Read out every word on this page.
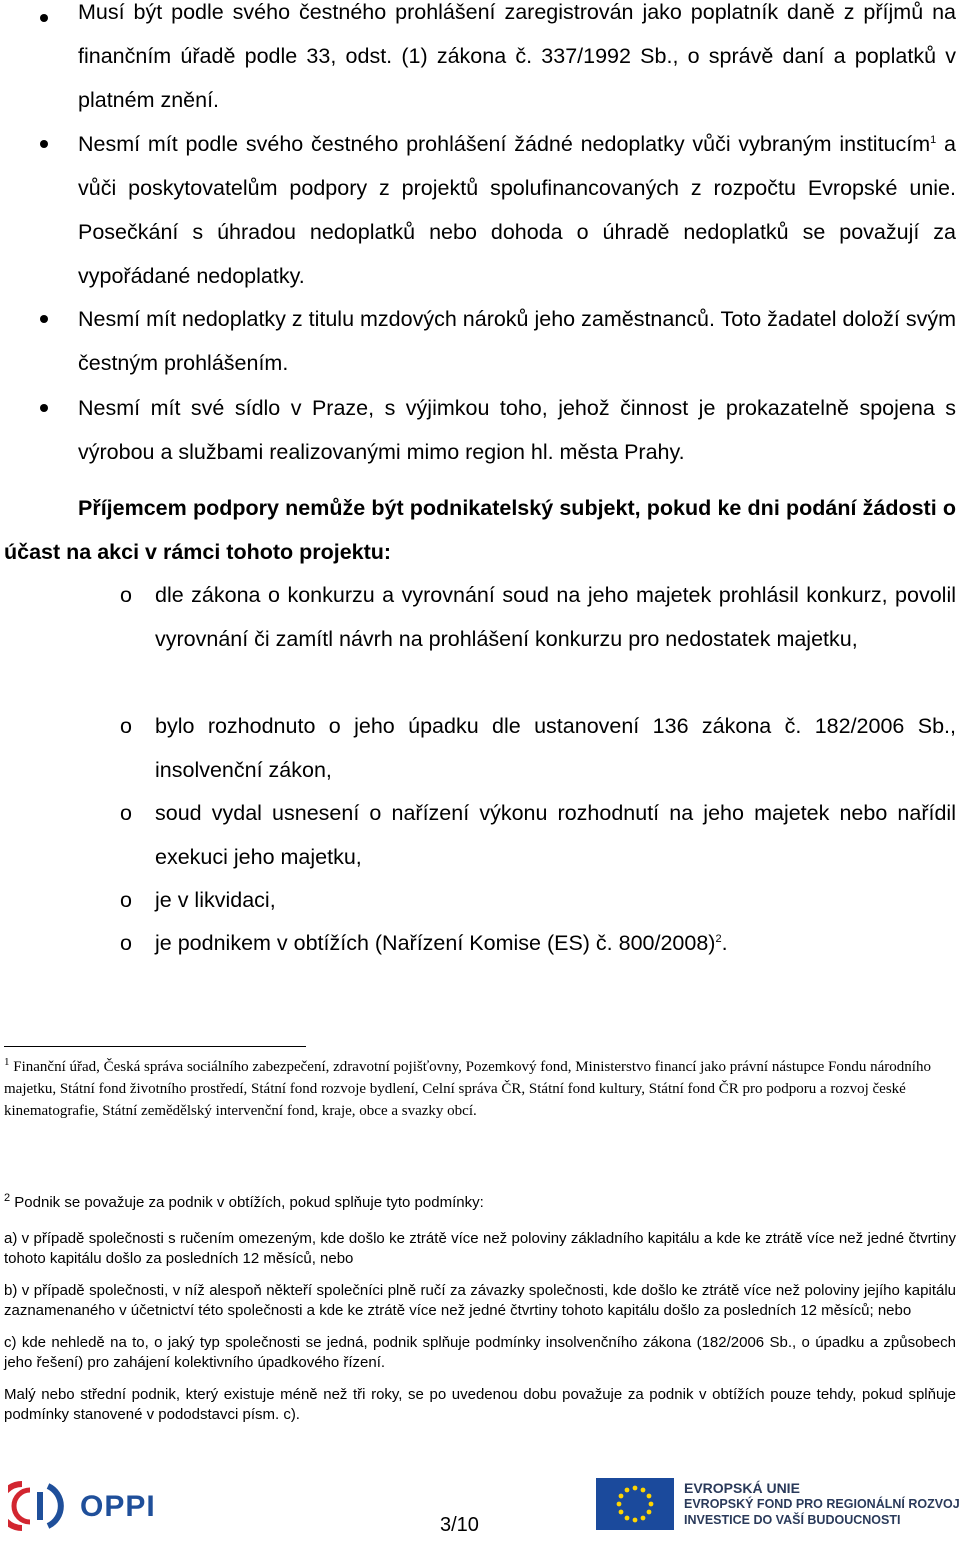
Musí být podle svého čestného prohlášení zaregistrován jako poplatník daně z příjmů na finančním úřadě podle 33, odst. (1) zákona č. 337/1992 Sb., o správě daní a poplatků v platném znění.
Nesmí mít podle svého čestného prohlášení žádné nedoplatky vůči vybraným institucím$^1$ a vůči poskytovatelům podpory z projektů spolufinancovaných z rozpočtu Evropské unie. Posečkání s úhradou nedoplatků nebo dohoda o úhradě nedoplatků se považují za vypořádané nedoplatky.
Nesmí mít nedoplatky z titulu mzdových nároků jeho zaměstnanců. Toto žadatel doloží svým čestným prohlášením.
Nesmí mít své sídlo v Praze, s výjimkou toho, jehož činnost je prokazatelně spojena s výrobou a službami realizovanými mimo region hl. města Prahy.
Příjemcem podpory nemůže být podnikatelský subjekt, pokud ke dni podání žádosti o účast na akci v rámci tohoto projektu:
o dle zákona o konkurzu a vyrovnání soud na jeho majetek prohlásil konkurz, povolil vyrovnání či zamítl návrh na prohlášení konkurzu pro nedostatek majetku,
o bylo rozhodnuto o jeho úpadku dle ustanovení 136 zákona č. 182/2006 Sb., insolvenční zákon,
o soud vydal usnesení o nařízení výkonu rozhodnutí na jeho majetek nebo nařídil exekuci jeho majetku,
o je v likvidaci,
o je podnikem v obtížích (Nařízení Komise (ES) č. 800/2008)$^2$.
$^1$ Finanční úřad, Česká správa sociálního zabezpečení, zdravotní pojišťovny, Pozemkový fond, Ministerstvo financí jako právní nástupce Fondu národního majetku, Státní fond životního prostředí, Státní fond rozvoje bydlení, Celní správa ČR, Státní fond kultury, Státní fond ČR pro podporu a rozvoj české kinematografie, Státní zemědělský intervenční fond, kraje, obce a svazky obcí.

$^2$ Podnik se považuje za podnik v obtížích, pokud splňuje tyto podmínky:

a) v případě společnosti s ručením omezeným, kde došlo ke ztrátě více než poloviny základního kapitálu a kde ke ztrátě více než jedné čtvrtiny tohoto kapitálu došlo za posledních 12 měsíců, nebo

b) v případě společnosti, v níž alespoň někteří společníci plně ručí za závazky společnosti, kde došlo ke ztrátě více než poloviny jejího kapitálu zaznamenaného v účetnictví této společnosti a kde ke ztrátě více než jedné čtvrtiny tohoto kapitálu došlo za posledních 12 měsíců; nebo

c) kde nehledě na to, o jaký typ společnosti se jedná, podnik splňuje podmínky insolvenčního zákona (182/2006 Sb., o úpadku a způsobech jeho řešení) pro zahájení kolektivního úpadkového řízení.

Malý nebo střední podnik, který existuje méně než tři roky, se po uvedenou dobu považuje za podnik v obtížích pouze tehdy, pokud splňuje podmínky stanovené v pododstavci písm. c).

OPPI
3/10
EVROPSKÁ UNIE
EVROPSKÝ FOND PRO REGIONÁLNÍ ROZVOJ
INVESTICE DO VAŠÍ BUDOUCNOSTI
